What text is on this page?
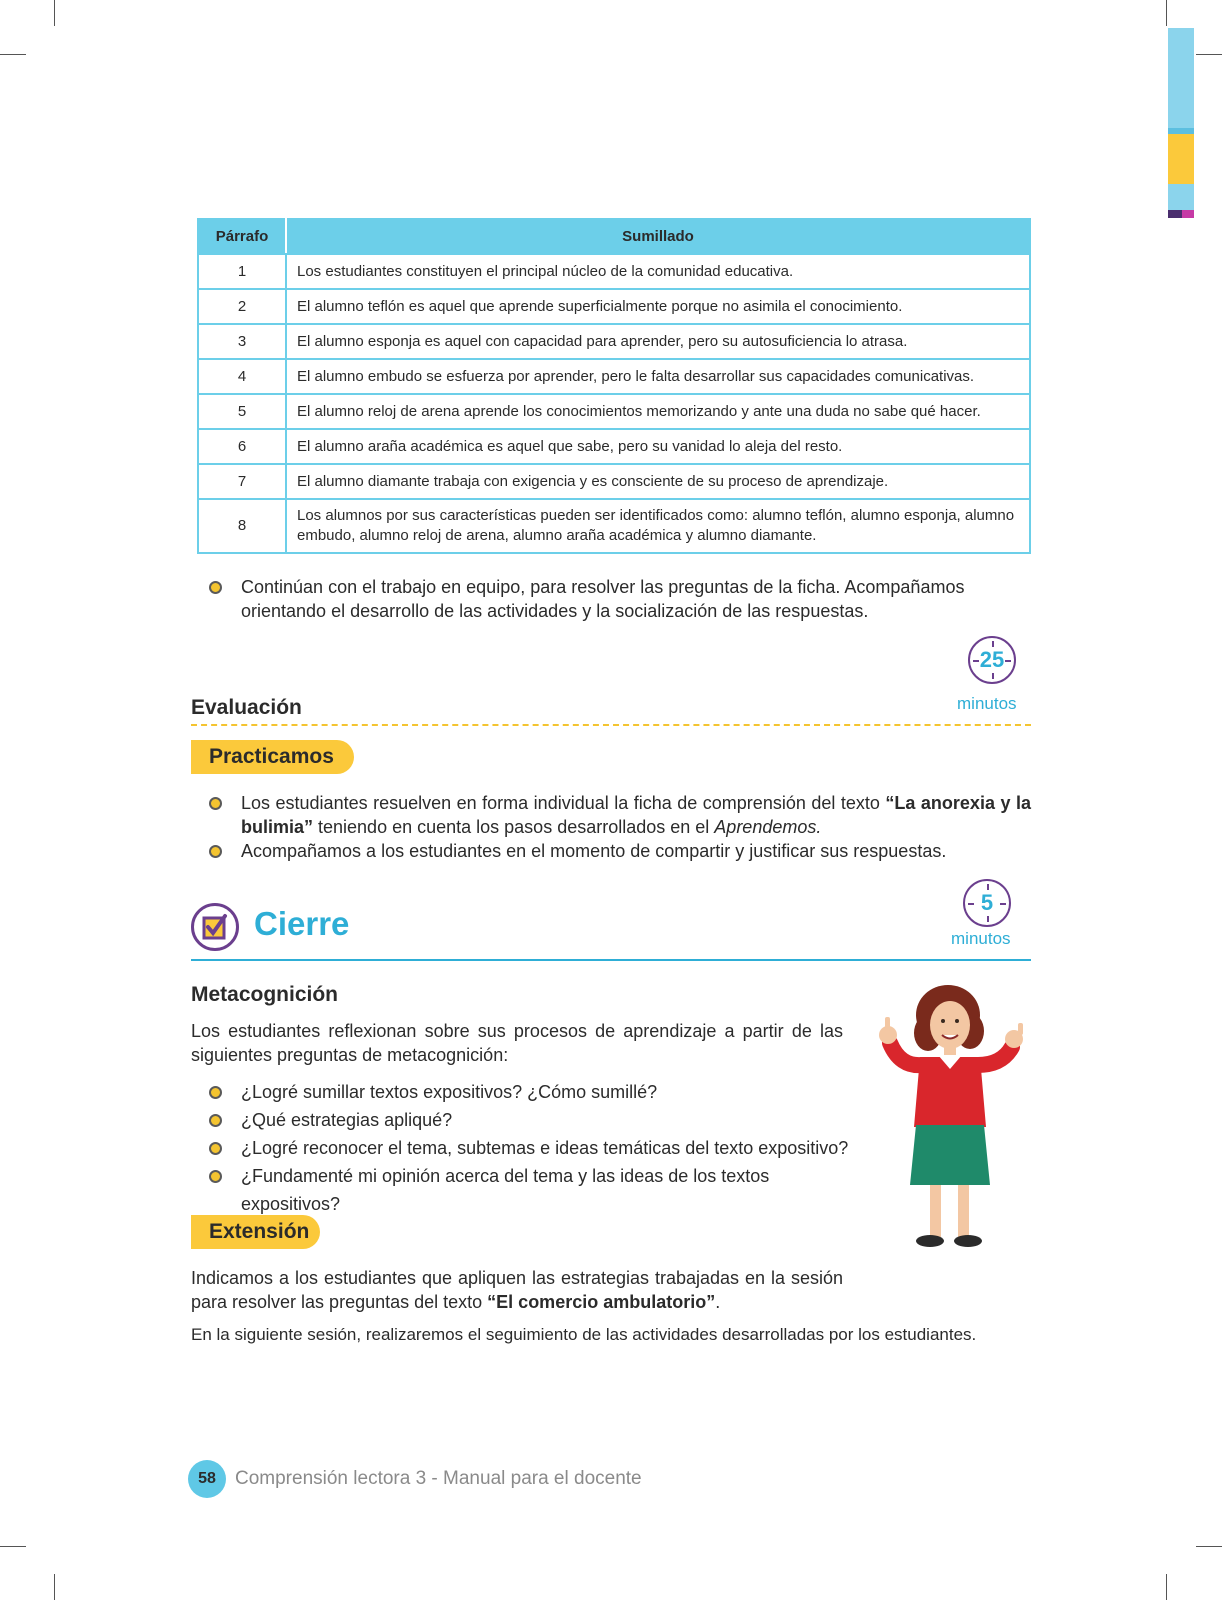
Párrafo	Sumillado
1	Los estudiantes constituyen el principal núcleo de la comunidad educativa.
2	El alumno teflón es aquel que aprende superficialmente porque no asimila el conocimiento.
3	El alumno esponja es aquel con capacidad para aprender, pero su autosuficiencia lo atrasa.
4	El alumno embudo se esfuerza por aprender, pero le falta desarrollar sus capacidades comunicativas.
5	El alumno reloj de arena aprende los conocimientos memorizando y ante una duda no sabe qué hacer.
6	El alumno araña académica es aquel que sabe, pero su vanidad lo aleja del resto.
7	El alumno diamante trabaja con exigencia y es consciente de su proceso de aprendizaje.
8	Los alumnos por sus características pueden ser identificados como: alumno teflón, alumno esponja, alumno embudo, alumno reloj de arena, alumno araña académica y alumno diamante.
Continúan con el trabajo en equipo, para resolver las preguntas de la ficha. Acompañamos orientando el desarrollo de las actividades y la socialización de las respuestas.
25
minutos
Evaluación
Practicamos
Los estudiantes resuelven en forma individual la ficha de comprensión del texto “La anorexia y la bulimia” teniendo en cuenta los pasos desarrollados en el Aprendemos.
Acompañamos a los estudiantes en el momento de compartir y justificar sus respuestas.
Cierre
5
minutos
Metacognición
Los estudiantes reflexionan sobre sus procesos de aprendizaje a partir de las siguientes preguntas de metacognición:
¿Logré sumillar textos expositivos? ¿Cómo sumillé?
¿Qué estrategias apliqué?
¿Logré reconocer el tema, subtemas e ideas temáticas del texto expositivo?
¿Fundamenté mi opinión acerca del tema y las ideas de los textos expositivos?
Extensión
Indicamos a los estudiantes que apliquen las estrategias trabajadas en la sesión para resolver las preguntas del texto “El comercio ambulatorio”.
En la siguiente sesión, realizaremos el seguimiento de las actividades desarrolladas por los estudiantes.
58	Comprensión lectora 3 - Manual para el docente
